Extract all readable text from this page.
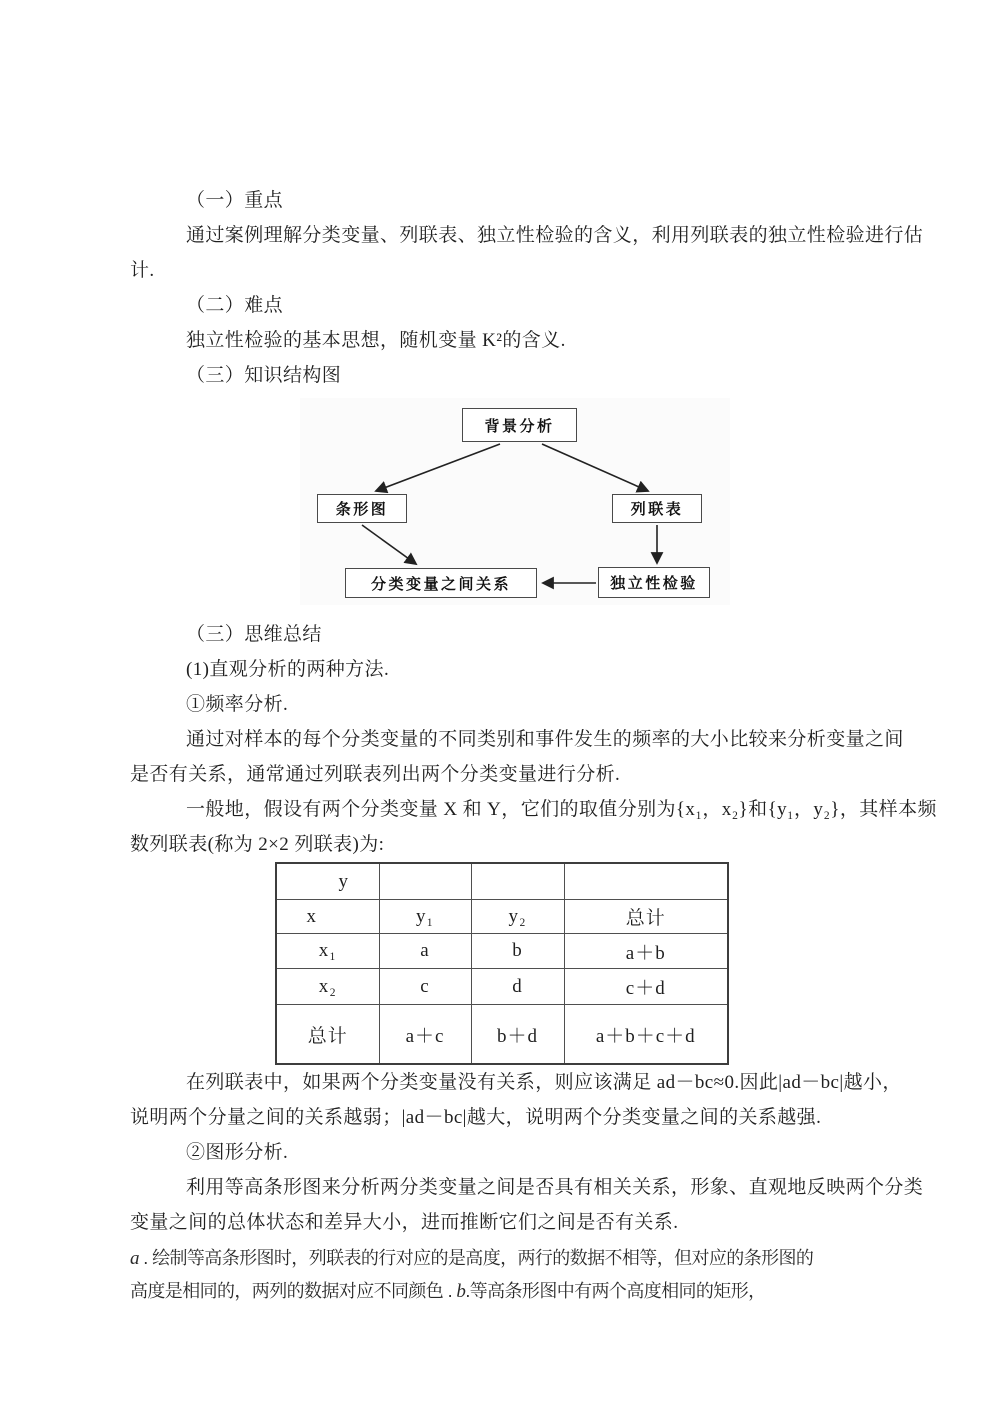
（一）重点
通过案例理解分类变量、列联表、独立性检验的含义，利用列联表的独立性检验进行估
计.
（二）难点
独立性检验的基本思想，随机变量 K²的含义.
（三）知识结构图
背景分析
条形图	列联表
分类变量之间关系	独立性检验
（三）思维总结
(1)直观分析的两种方法.
①频率分析.
通过对样本的每个分类变量的不同类别和事件发生的频率的大小比较来分析变量之间
是否有关系，通常通过列联表列出两个分类变量进行分析.
一般地，假设有两个分类变量 X 和 Y，它们的取值分别为{x₁，x₂}和{y₁，y₂}，其样本频
数列联表(称为 2×2 列联表)为:
y			
x	y₁	y₂	总计
x₁	a	b	a＋b
x₂	c	d	c＋d
总计	a＋c	b＋d	a＋b＋c＋d
在列联表中，如果两个分类变量没有关系，则应该满足 ad－bc≈0.因此|ad－bc|越小，
说明两个分量之间的关系越弱；|ad－bc|越大，说明两个分类变量之间的关系越强.
②图形分析.
利用等高条形图来分析两分类变量之间是否具有相关关系，形象、直观地反映两个分类
变量之间的总体状态和差异大小，进而推断它们之间是否有关系.
a . 绘制等高条形图时，列联表的行对应的是高度，两行的数据不相等，但对应的条形图的
高度是相同的，两列的数据对应不同颜色 . b.等高条形图中有两个高度相同的矩形，
